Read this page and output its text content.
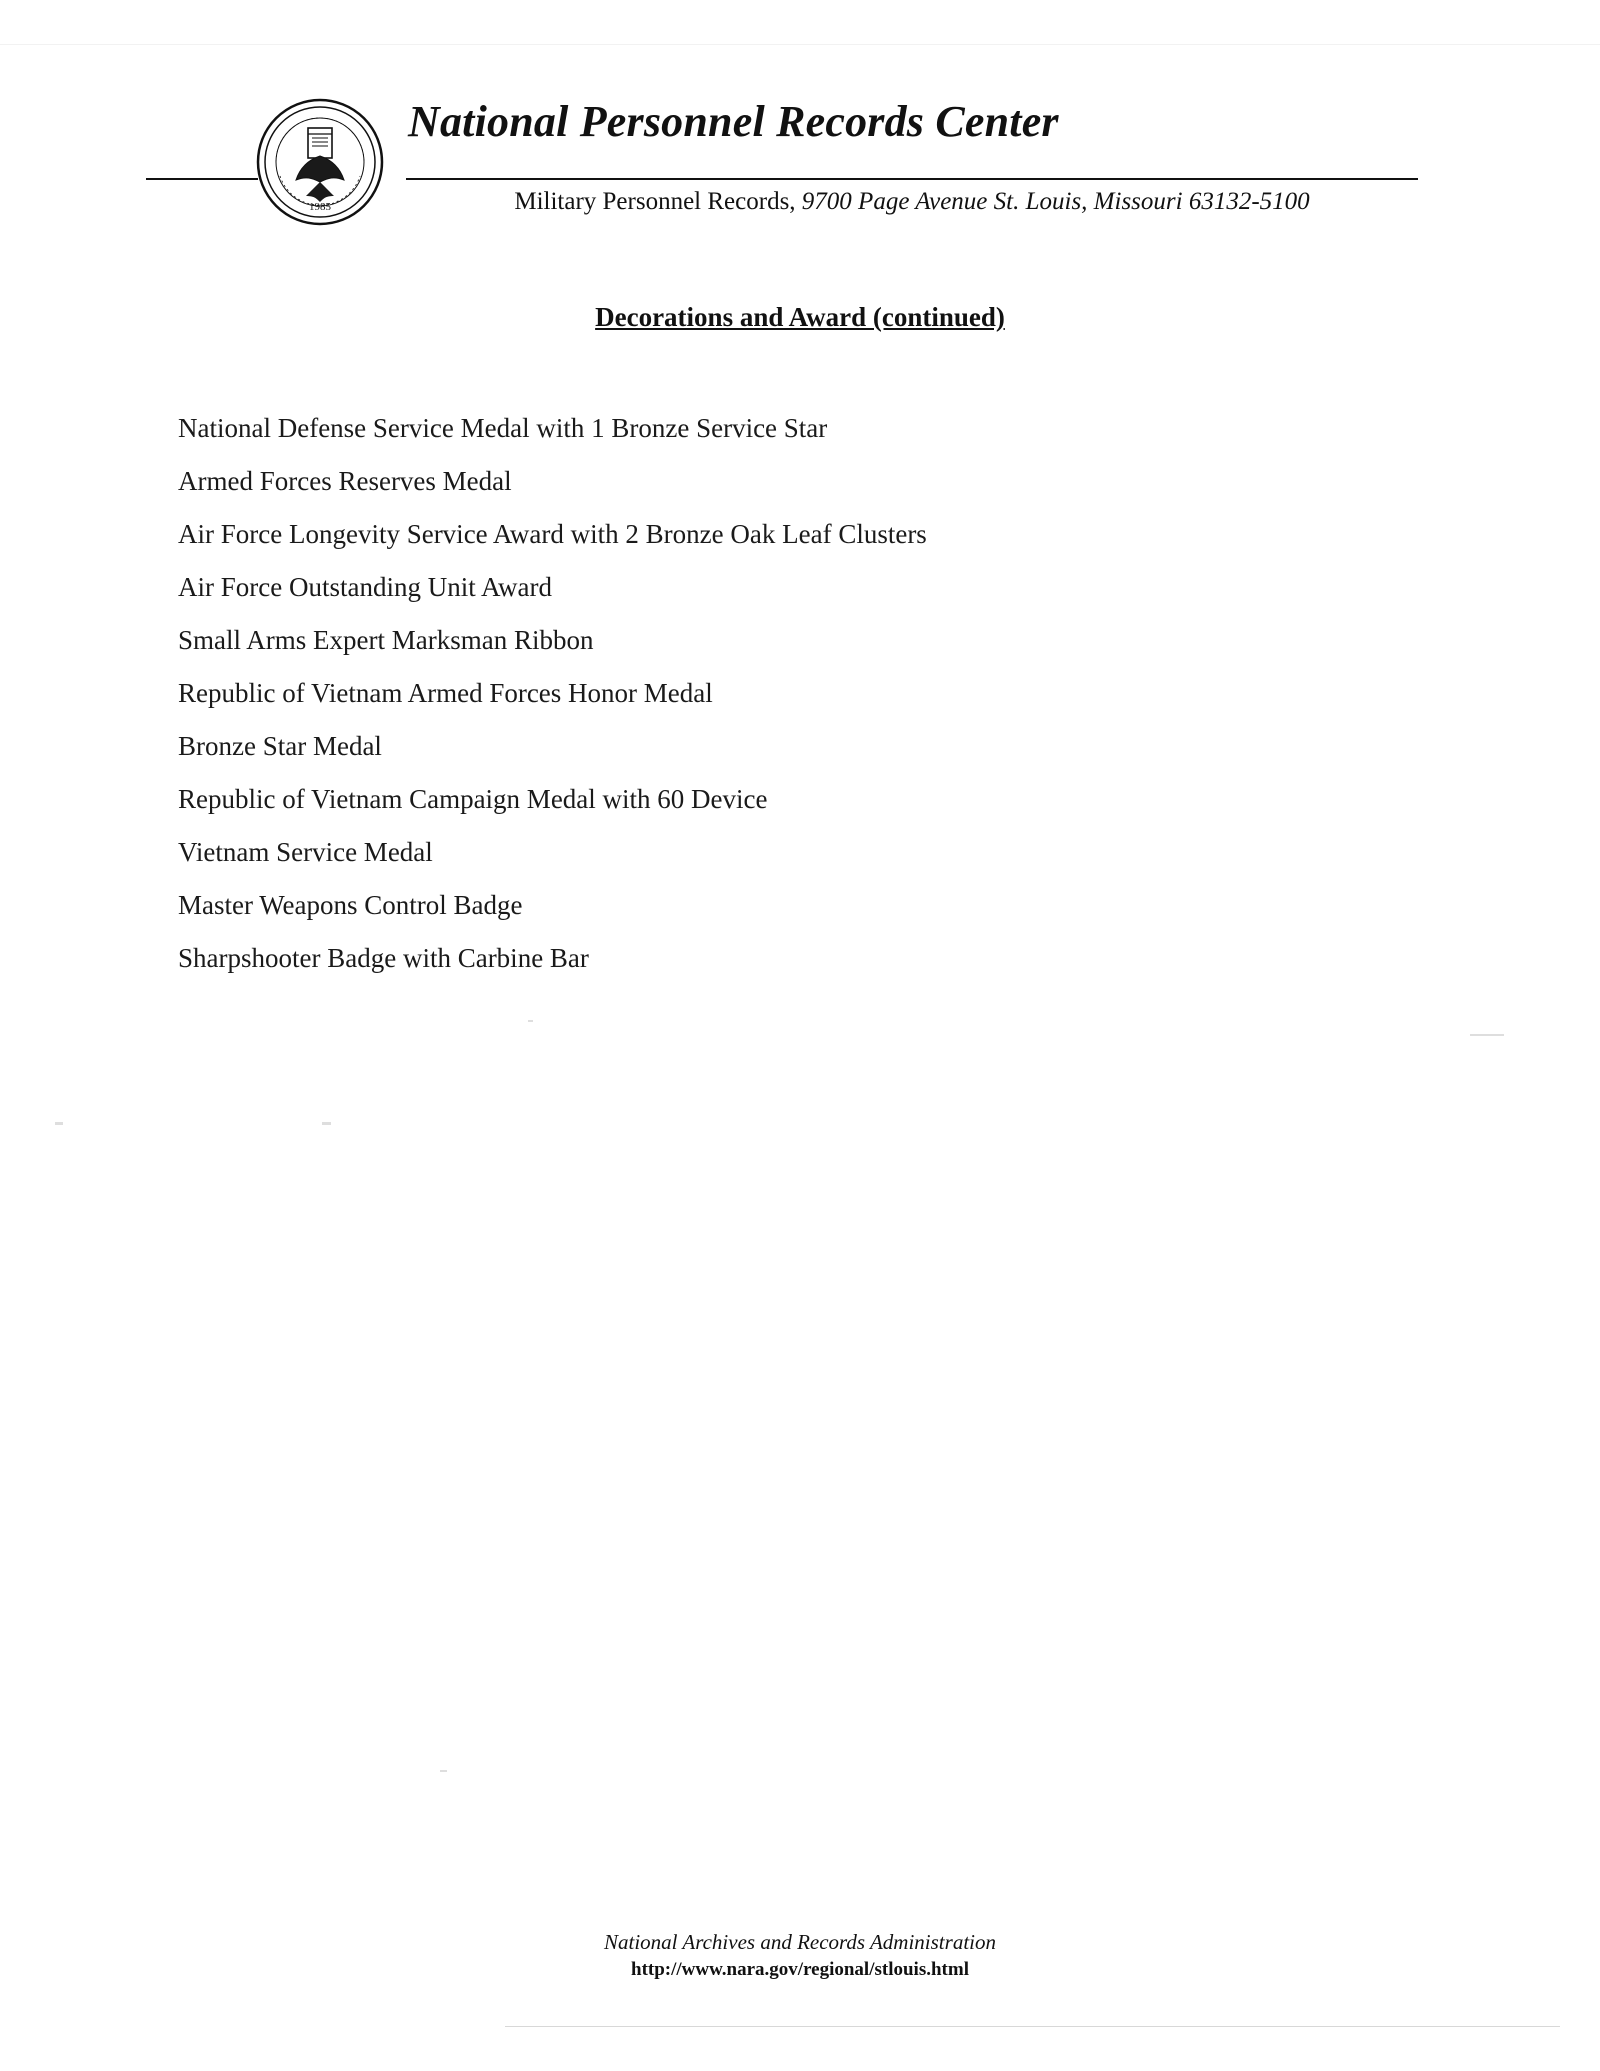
1985
National Personnel Records Center
Military Personnel Records, 9700 Page Avenue St. Louis, Missouri 63132-5100
Decorations and Award (continued)
National Defense Service Medal with 1 Bronze Service Star
Armed Forces Reserves Medal
Air Force Longevity Service Award with 2 Bronze Oak Leaf Clusters
Air Force Outstanding Unit Award
Small Arms Expert Marksman Ribbon
Republic of Vietnam Armed Forces Honor Medal
Bronze Star Medal
Republic of Vietnam Campaign Medal with 60 Device
Vietnam Service Medal
Master Weapons Control Badge
Sharpshooter Badge with Carbine Bar
National Archives and Records Administration
http://www.nara.gov/regional/stlouis.html
